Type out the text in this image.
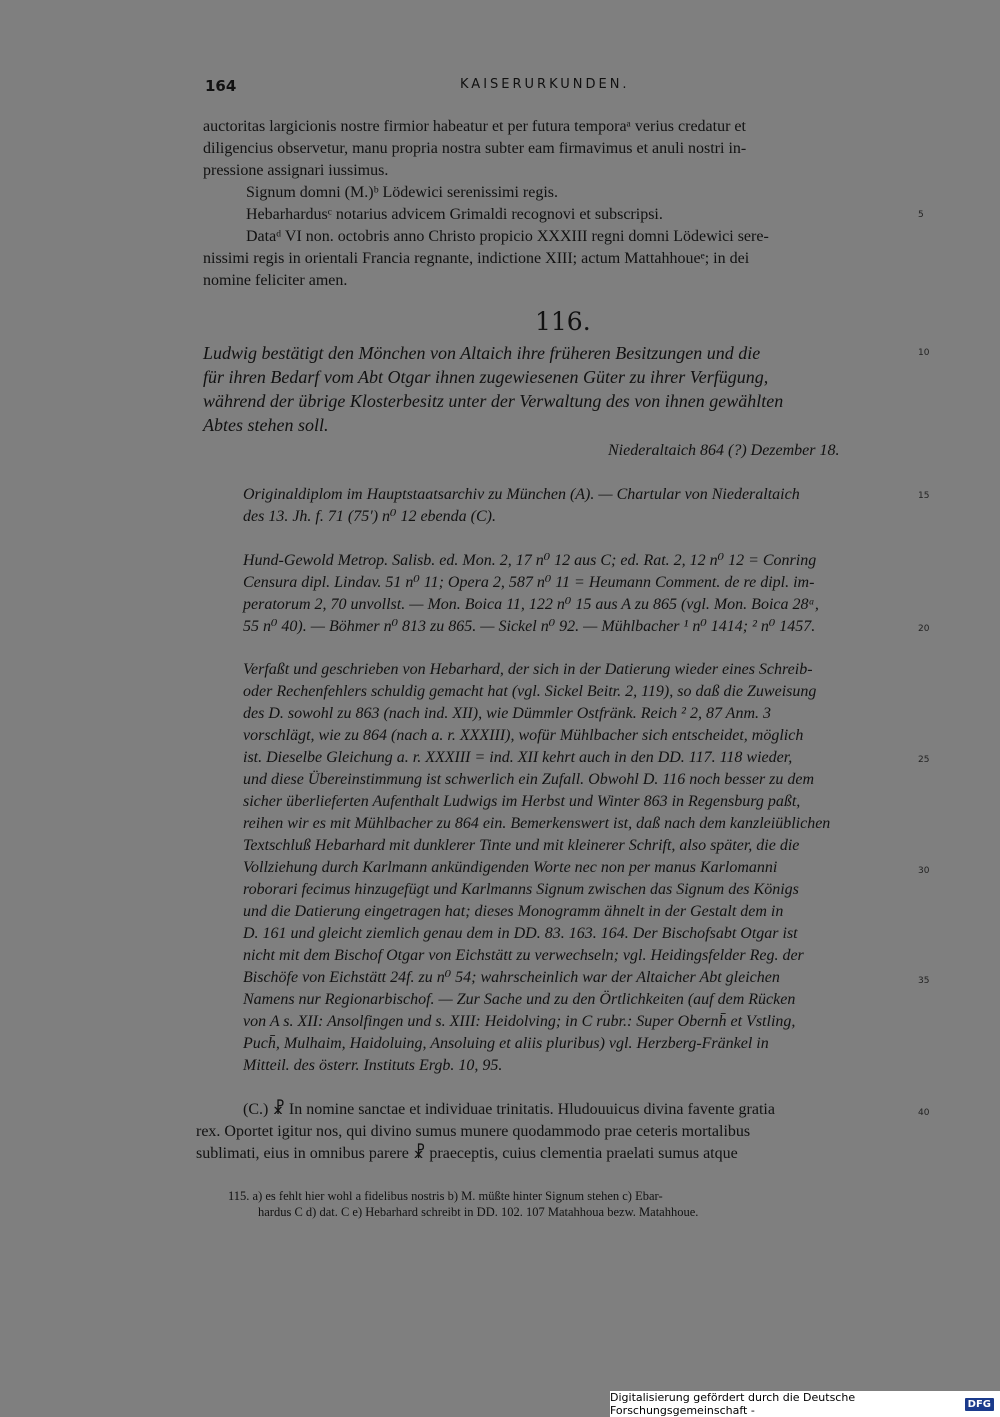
164	KAISERURKUNDEN.
auctoritas largicionis nostre firmior habeatur et per futura temporaᵃ verius credatur et
diligencius observetur, manu propria nostra subter eam firmavimus et anuli nostri in-
pressione assignari iussimus.
Signum domni (M.)ᵇ Lödewici serenissimi regis.
Hebarhardusᶜ notarius advicem Grimaldi recognovi et subscripsi.
Dataᵈ VI non. octobris anno Christo propicio XXXIII regni domni Lödewici sere-
nissimi regis in orientali Francia regnante, indictione XIII; actum Mattahhoueᵉ; in dei
nomine feliciter amen.
116.
Ludwig bestätigt den Mönchen von Altaich ihre früheren Besitzungen und die
für ihren Bedarf vom Abt Otgar ihnen zugewiesenen Güter zu ihrer Verfügung,
während der übrige Klosterbesitz unter der Verwaltung des von ihnen gewählten
Abtes stehen soll.
Niederaltaich 864 (?) Dezember 18.
Originaldiplom im Hauptstaatsarchiv zu München (A). — Chartular von Niederaltaich
des 13. Jh. f. 71 (75′) n⁰ 12 ebenda (C).
Hund-Gewold Metrop. Salisb. ed. Mon. 2, 17 n⁰ 12 aus C; ed. Rat. 2, 12 n⁰ 12 = Conring
Censura dipl. Lindav. 51 n⁰ 11; Opera 2, 587 n⁰ 11 = Heumann Comment. de re dipl. im-
peratorum 2, 70 unvollst. — Mon. Boica 11, 122 n⁰ 15 aus A zu 865 (vgl. Mon. Boica 28ᵃ,
55 n⁰ 40). — Böhmer n⁰ 813 zu 865. — Sickel n⁰ 92. — Mühlbacher ¹ n⁰ 1414; ² n⁰ 1457.
Verfaßt und geschrieben von Hebarhard, der sich in der Datierung wieder eines Schreib-
oder Rechenfehlers schuldig gemacht hat (vgl. Sickel Beitr. 2, 119), so daß die Zuweisung
des D. sowohl zu 863 (nach ind. XII), wie Dümmler Ostfränk. Reich ² 2, 87 Anm. 3
vorschlägt, wie zu 864 (nach a. r. XXXIII), wofür Mühlbacher sich entscheidet, möglich
ist. Dieselbe Gleichung a. r. XXXIII = ind. XII kehrt auch in den DD. 117. 118 wieder,
und diese Übereinstimmung ist schwerlich ein Zufall. Obwohl D. 116 noch besser zu dem
sicher überlieferten Aufenthalt Ludwigs im Herbst und Winter 863 in Regensburg paßt,
reihen wir es mit Mühlbacher zu 864 ein. Bemerkenswert ist, daß nach dem kanzleiüblichen
Textschluß Hebarhard mit dunklerer Tinte und mit kleinerer Schrift, also später, die die
Vollziehung durch Karlmann ankündigenden Worte nec non per manus Karlomanni
roborari fecimus hinzugefügt und Karlmanns Signum zwischen das Signum des Königs
und die Datierung eingetragen hat; dieses Monogramm ähnelt in der Gestalt dem in
D. 161 und gleicht ziemlich genau dem in DD. 83. 163. 164. Der Bischofsabt Otgar ist
nicht mit dem Bischof Otgar von Eichstätt zu verwechseln; vgl. Heidingsfelder Reg. der
Bischöfe von Eichstätt 24f. zu n⁰ 54; wahrscheinlich war der Altaicher Abt gleichen
Namens nur Regionarbischof. — Zur Sache und zu den Örtlichkeiten (auf dem Rücken
von A s. XII: Ansolfingen und s. XIII: Heidolving; in C rubr.: Super Obernh̄ et Vstling,
Puch̄, Mulhaim, Haidoluing, Ansoluing et aliis pluribus) vgl. Herzberg-Fränkel in
Mitteil. des österr. Instituts Ergb. 10, 95.
(C.) ☧ In nomine sanctae et individuae trinitatis. Hludouuicus divina favente gratia
rex. Oportet igitur nos, qui divino sumus munere quodammodo prae ceteris mortalibus
sublimati, eius in omnibus parere ☧ praeceptis, cuius clementia praelati sumus atque
115. a) es fehlt hier wohl a fidelibus nostris b) M. müßte hinter Signum stehen c) Ebar-
hardus C d) dat. C e) Hebarhard schreibt in DD. 102. 107 Matahhoua bezw. Matahhoue.
5
10
15
20
25
30
35
40
Digitalisierung gefördert durch die Deutsche Forschungsgemeinschaft -	DFG
